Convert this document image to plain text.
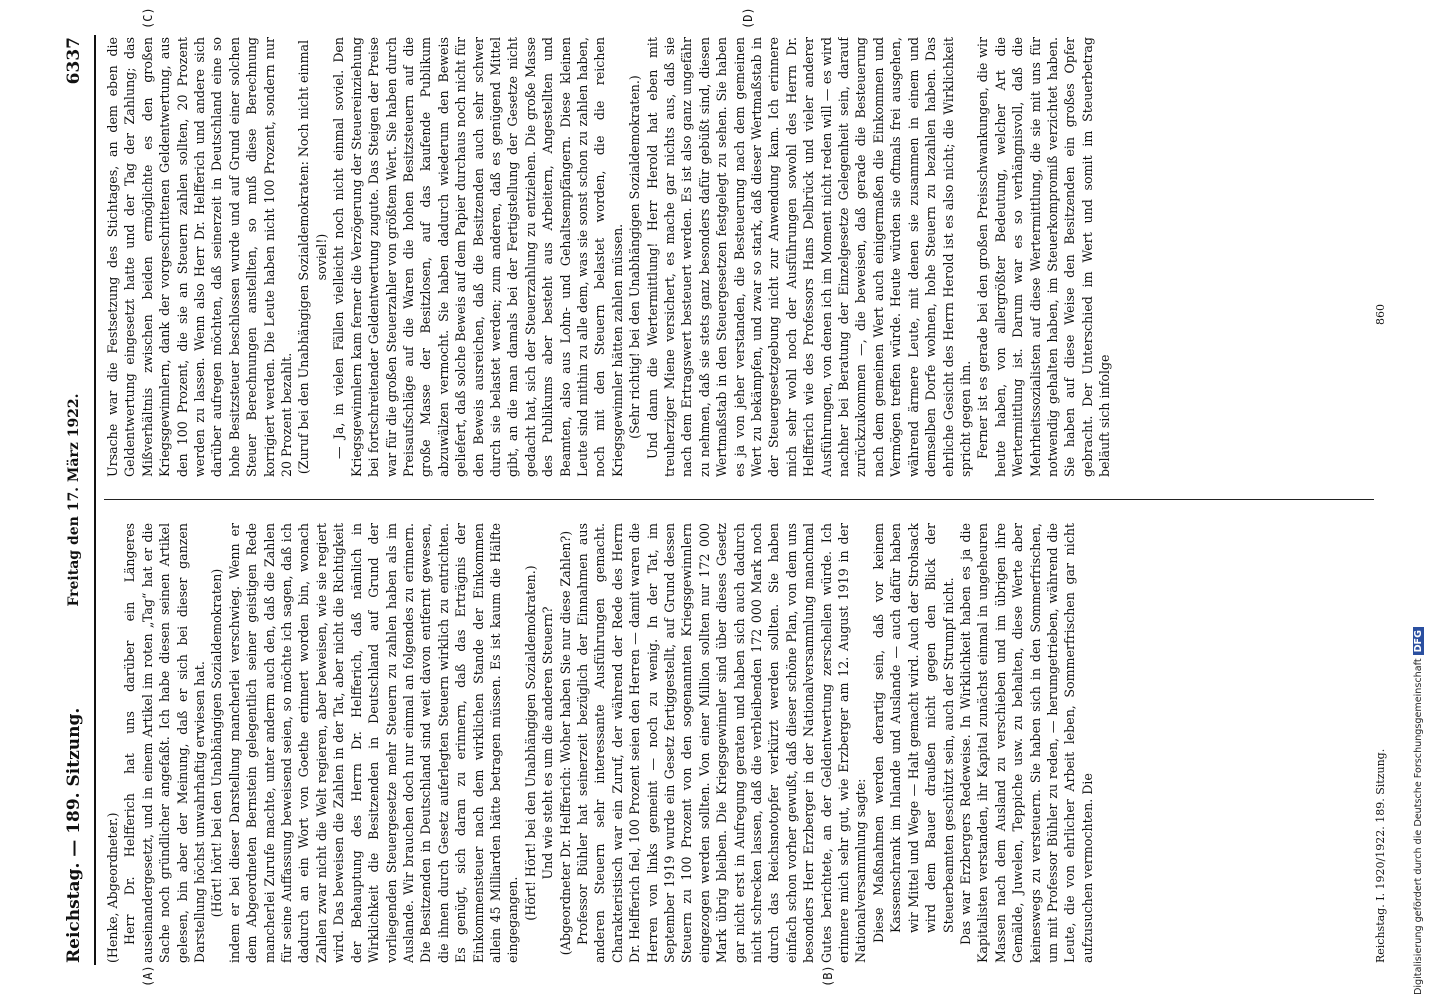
Reichstag. — 189. Sitzung.
Freitag den 17. März 1922.
6337
(A)	(B)
(C)	(D)

(Henke, Abgeordneter.) Herr Dr. Helfferich hat uns darüber ein Längeres auseinandergesetzt, und in einem Artikel im roten „Tag“ hat er die Sache noch gründlicher angefaßt. Ich habe diesen seinen Artikel gelesen, bin aber der Meinung, daß er sich bei dieser ganzen Darstellung höchst unwahrhaftig erwiesen hat. (Hört! hört! bei den Unabhängigen Sozialdemokraten) indem er bei dieser Darstellung mancherlei verschwieg. Wenn er dem Abgeordneten Bernstein gelegentlich seiner geistigen Rede mancherlei Zurufe machte, unter anderm auch den, daß die Zahlen für seine Auffassung beweisend seien, so möchte ich sagen, daß ich dadurch an ein Wort von Goethe erinnert worden bin, wonach Zahlen zwar nicht die Welt regieren, aber beweisen, wie sie regiert wird. Das beweisen die Zahlen in der Tat, aber nicht die Richtigkeit der Behauptung des Herrn Dr. Helfferich, daß nämlich in Wirklichkeit die Besitzenden in Deutschland auf Grund der vorliegenden Steuergesetze mehr Steuern zu zahlen haben als im Auslande. Wir brauchen doch nur einmal an folgendes zu erinnern. Die Besitzenden in Deutschland sind weit davon entfernt gewesen, die ihnen durch Gesetz auferlegten Steuern wirklich zu entrichten. Es genügt, sich daran zu erinnern, daß das Erträgnis der Einkommensteuer nach dem wirklichen Stande der Einkommen allein 45 Milliarden hätte betragen müssen. Es ist kaum die Hälfte eingegangen. (Hört! Hört! bei den Unabhängigen Sozialdemokraten.) Und wie steht es um die anderen Steuern? (Abgeordneter Dr. Helfferich: Woher haben Sie nur diese Zahlen?) Professor Bühler hat seinerzeit bezüglich der Einnahmen aus anderen Steuern sehr interessante Ausführungen gemacht. Charakteristisch war ein Zuruf, der während der Rede des Herrn Dr. Helfferich fiel, 100 Prozent seien den Herren — damit waren die Herren von links gemeint — noch zu wenig. In der Tat, im September 1919 wurde ein Gesetz fertiggestellt, auf Grund dessen Steuern zu 100 Prozent von den sogenannten Kriegsgewinnlern eingezogen werden sollten. Von einer Million sollten nur 172 000 Mark übrig bleiben. Die Kriegsgewinnler sind über dieses Gesetz gar nicht erst in Aufregung geraten und haben sich auch dadurch nicht schrecken lassen, daß die verbleibenden 172 000 Mark noch durch das Reichsnotopfer verkürzt werden sollten. Sie haben einfach schon vorher gewußt, daß dieser schöne Plan, von dem uns besonders Herr Erzberger in der Nationalversammlung manchmal Gutes berichtete, an der Geldentwertung zerschellen würde. Ich erinnere mich sehr gut, wie Erzberger am 12. August 1919 in der Nationalversammlung sagte: Diese Maßnahmen werden derartig sein, daß vor keinem Kassenschrank im Inlande und Auslande — auch dafür haben wir Mittel und Wege — Halt gemacht wird. Auch der Strohsack wird dem Bauer draußen nicht gegen den Blick der Steuerbeamten geschützt sein, auch der Strumpf nicht. Das war Erzbergers Redeweise. In Wirklichkeit haben es ja die Kapitalisten verstanden, ihr Kapital zunächst einmal in ungeheuren Massen nach dem Ausland zu verschieben und im übrigen ihre Gemälde, Juwelen, Teppiche usw. zu behalten, diese Werte aber keineswegs zu versteuern. Sie haben sich in den Sommerfrischen, um mit Professor Bühler zu reden, — herumgetrieben, während die Leute, die von ehrlicher Arbeit leben, Sommerfrischen gar nicht aufzusuchen vermochten. Die

Ursache war die Festsetzung des Stichtages, an dem eben die Geldentwertung eingesetzt hatte und der Tag der Zahlung; das Mißverhältnis zwischen beiden ermöglichte es den großen Kriegsgewinnlern, dank der vorgeschrittenen Geldentwertung, aus den 100 Prozent, die sie an Steuern zahlen sollten, 20 Prozent werden zu lassen. Wenn also Herr Dr. Helfferich und andere sich darüber aufregen möchten, daß seinerzeit in Deutschland eine so hohe Besitzsteuer beschlossen wurde und auf Grund einer solchen Steuer Berechnungen anstellten, so muß diese Berechnung korrigiert werden. Die Leute haben nicht 100 Prozent, sondern nur 20 Prozent bezahlt. (Zuruf bei den Unabhängigen Sozialdemokraten: Noch nicht einmal soviel!) — Ja, in vielen Fällen vielleicht noch nicht einmal soviel. Den Kriegsgewinnlern kam ferner die Verzögerung der Steuereinziehung bei fortschreitender Geldentwertung zugute. Das Steigen der Preise war für die großen Steuerzahler von größtem Wert. Sie haben durch Preisaufschläge auf die Waren die hohen Besitzsteuern auf die große Masse der Besitzlosen, auf das kaufende Publikum abzuwälzen vermocht. Sie haben dadurch wiederum den Beweis geliefert, daß solche Beweis auf dem Papier durchaus noch nicht für den Beweis ausreichen, daß die Besitzenden auch sehr schwer durch sie belastet werden; zum anderen, daß es genügend Mittel gibt, an die man damals bei der Fertigstellung der Gesetze nicht gedacht hat, sich der Steuerzahlung zu entziehen. Die große Masse des Publikums aber besteht aus Arbeitern, Angestellten und Beamten, also aus Lohn- und Gehaltsempfängern. Diese kleinen Leute sind mithin zu alle dem, was sie sonst schon zu zahlen haben, noch mit den Steuern belastet worden, die die reichen Kriegsgewinnler hätten zahlen müssen. (Sehr richtig! bei den Unabhängigen Sozialdemokraten.) Und dann die Wertermittlung! Herr Herold hat eben mit treuherziger Miene versichert, es mache gar nichts aus, daß sie nach dem Ertragswert besteuert werden. Es ist also ganz ungefähr zu nehmen, daß sie stets ganz besonders dafür gebüßt sind, diesen Wertmaßstab in den Steuergesetzen festgelegt zu sehen. Sie haben es ja von jeher verstanden, die Besteuerung nach dem gemeinen Wert zu bekämpfen, und zwar so stark, daß dieser Wertmaßstab in der Steuergesetzgebung nicht zur Anwendung kam. Ich erinnere mich sehr wohl noch der Ausführungen sowohl des Herrn Dr. Helfferich wie des Professors Hans Delbrück und vieler anderer Ausführungen, von denen ich im Moment nicht reden will — es wird nachher bei Beratung der Einzelgesetze Gelegenheit sein, darauf zurückzukommen —, die beweisen, daß gerade die Besteuerung nach dem gemeinen Wert auch einigermaßen die Einkommen und Vermögen treffen würde. Heute würden sie oftmals frei ausgehen, während ärmere Leute, mit denen sie zusammen in einem und demselben Dorfe wohnen, hohe Steuern zu bezahlen haben. Das ehrliche Gesicht des Herrn Herold ist es also nicht; die Wirklichkeit spricht gegen ihn. Ferner ist es gerade bei den großen Preisschwankungen, die wir heute haben, von allergrößter Bedeutung, welcher Art die Wertermittlung ist. Darum war es so verhängnisvoll, daß die Mehrheitssozialisten auf diese Wertermittlung, die sie mit uns für notwendig gehalten haben, im Steuerkompromiß verzichtet haben. Sie haben auf diese Weise den Besitzenden ein großes Opfer gebracht. Der Unterschied im Wert und somit im Steuerbetrag beläuft sich infolge

Reichstag. I. 1920/1922. 189. Sitzung.
860
Digitalisierung gefördert durch die Deutsche ForschungsgemeinschaftDFG
